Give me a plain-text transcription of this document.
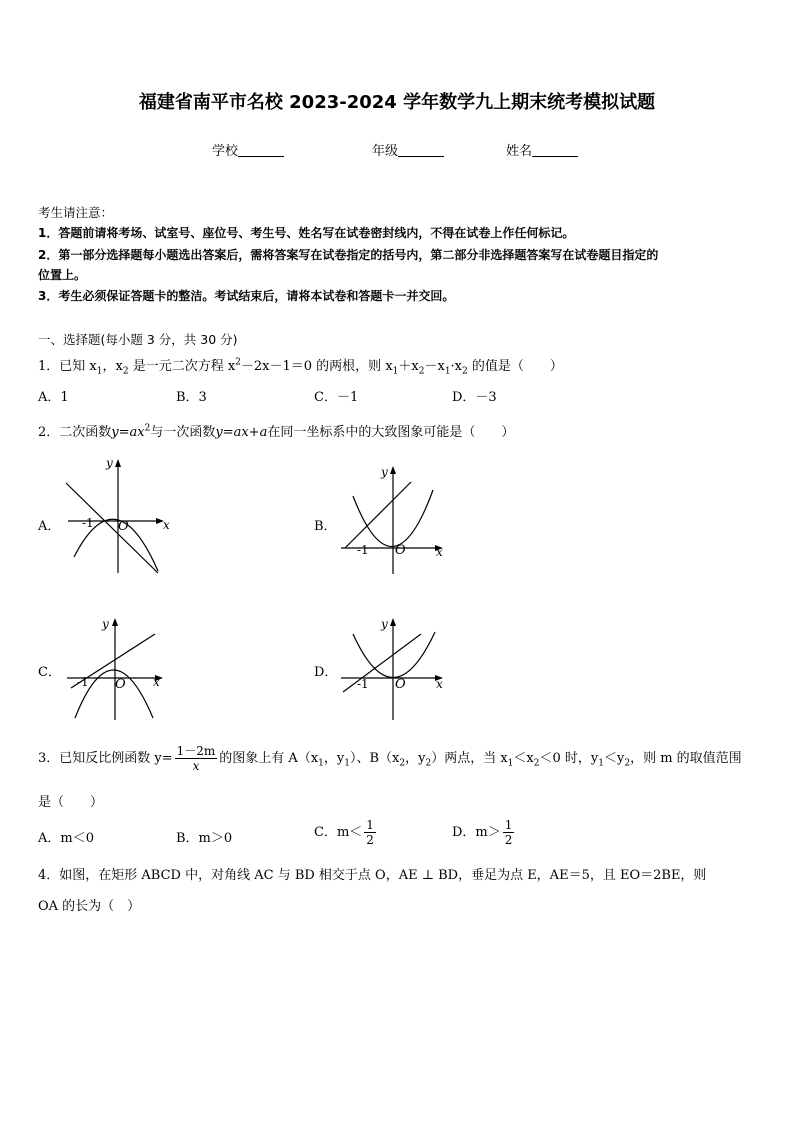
福建省南平市名校 2023-2024 学年数学九上期末统考模拟试题
学校	年级	姓名
考生请注意：
1．答题前请将考场、试室号、座位号、考生号、姓名写在试卷密封线内，不得在试卷上作任何标记。
2．第一部分选择题每小题选出答案后，需将答案写在试卷指定的括号内，第二部分非选择题答案写在试卷题目指定的
位置上。
3．考生必须保证答题卡的整洁。考试结束后，请将本试卷和答题卡一并交回。
一、选择题(每小题 3 分，共 30 分)
1．已知 $x_1$，$x_2$ 是一元二次方程 $x^2-2x-1=0$ 的两根，则 $x_1+x_2-x_1\cdot x_2$ 的值是（　　）
A．1	B．3	C．－1	D．－3
2．二次函数$y=ax^2$与一次函数y=ax+a在同一坐标系中的大致图象可能是（　　）
A．	B．
C．	D．
y
x
O
-1
y
x
O
-1
y
x
O
-1
y
x
O
-1
3．已知反比例函数 $y= \frac{1-2m}{x}$ 的图象上有 $A(x_1$，$y_1$）、$B(x_2$，$y_2$）两点，当 $x_1<x_2<0$ 时，$y_1<y_2$，则 m 的取值范围
是（　　）
A．m＜0	B．m＞0	C．$m< \frac{1}{2}$	D．$m> \frac{1}{2}$
4．如图，在矩形 ABCD 中，对角线 AC 与 BD 相交于点 O，AE ⊥ BD，垂足为点 E，AE＝5，且 EO＝2BE，则
OA 的长为（　）
